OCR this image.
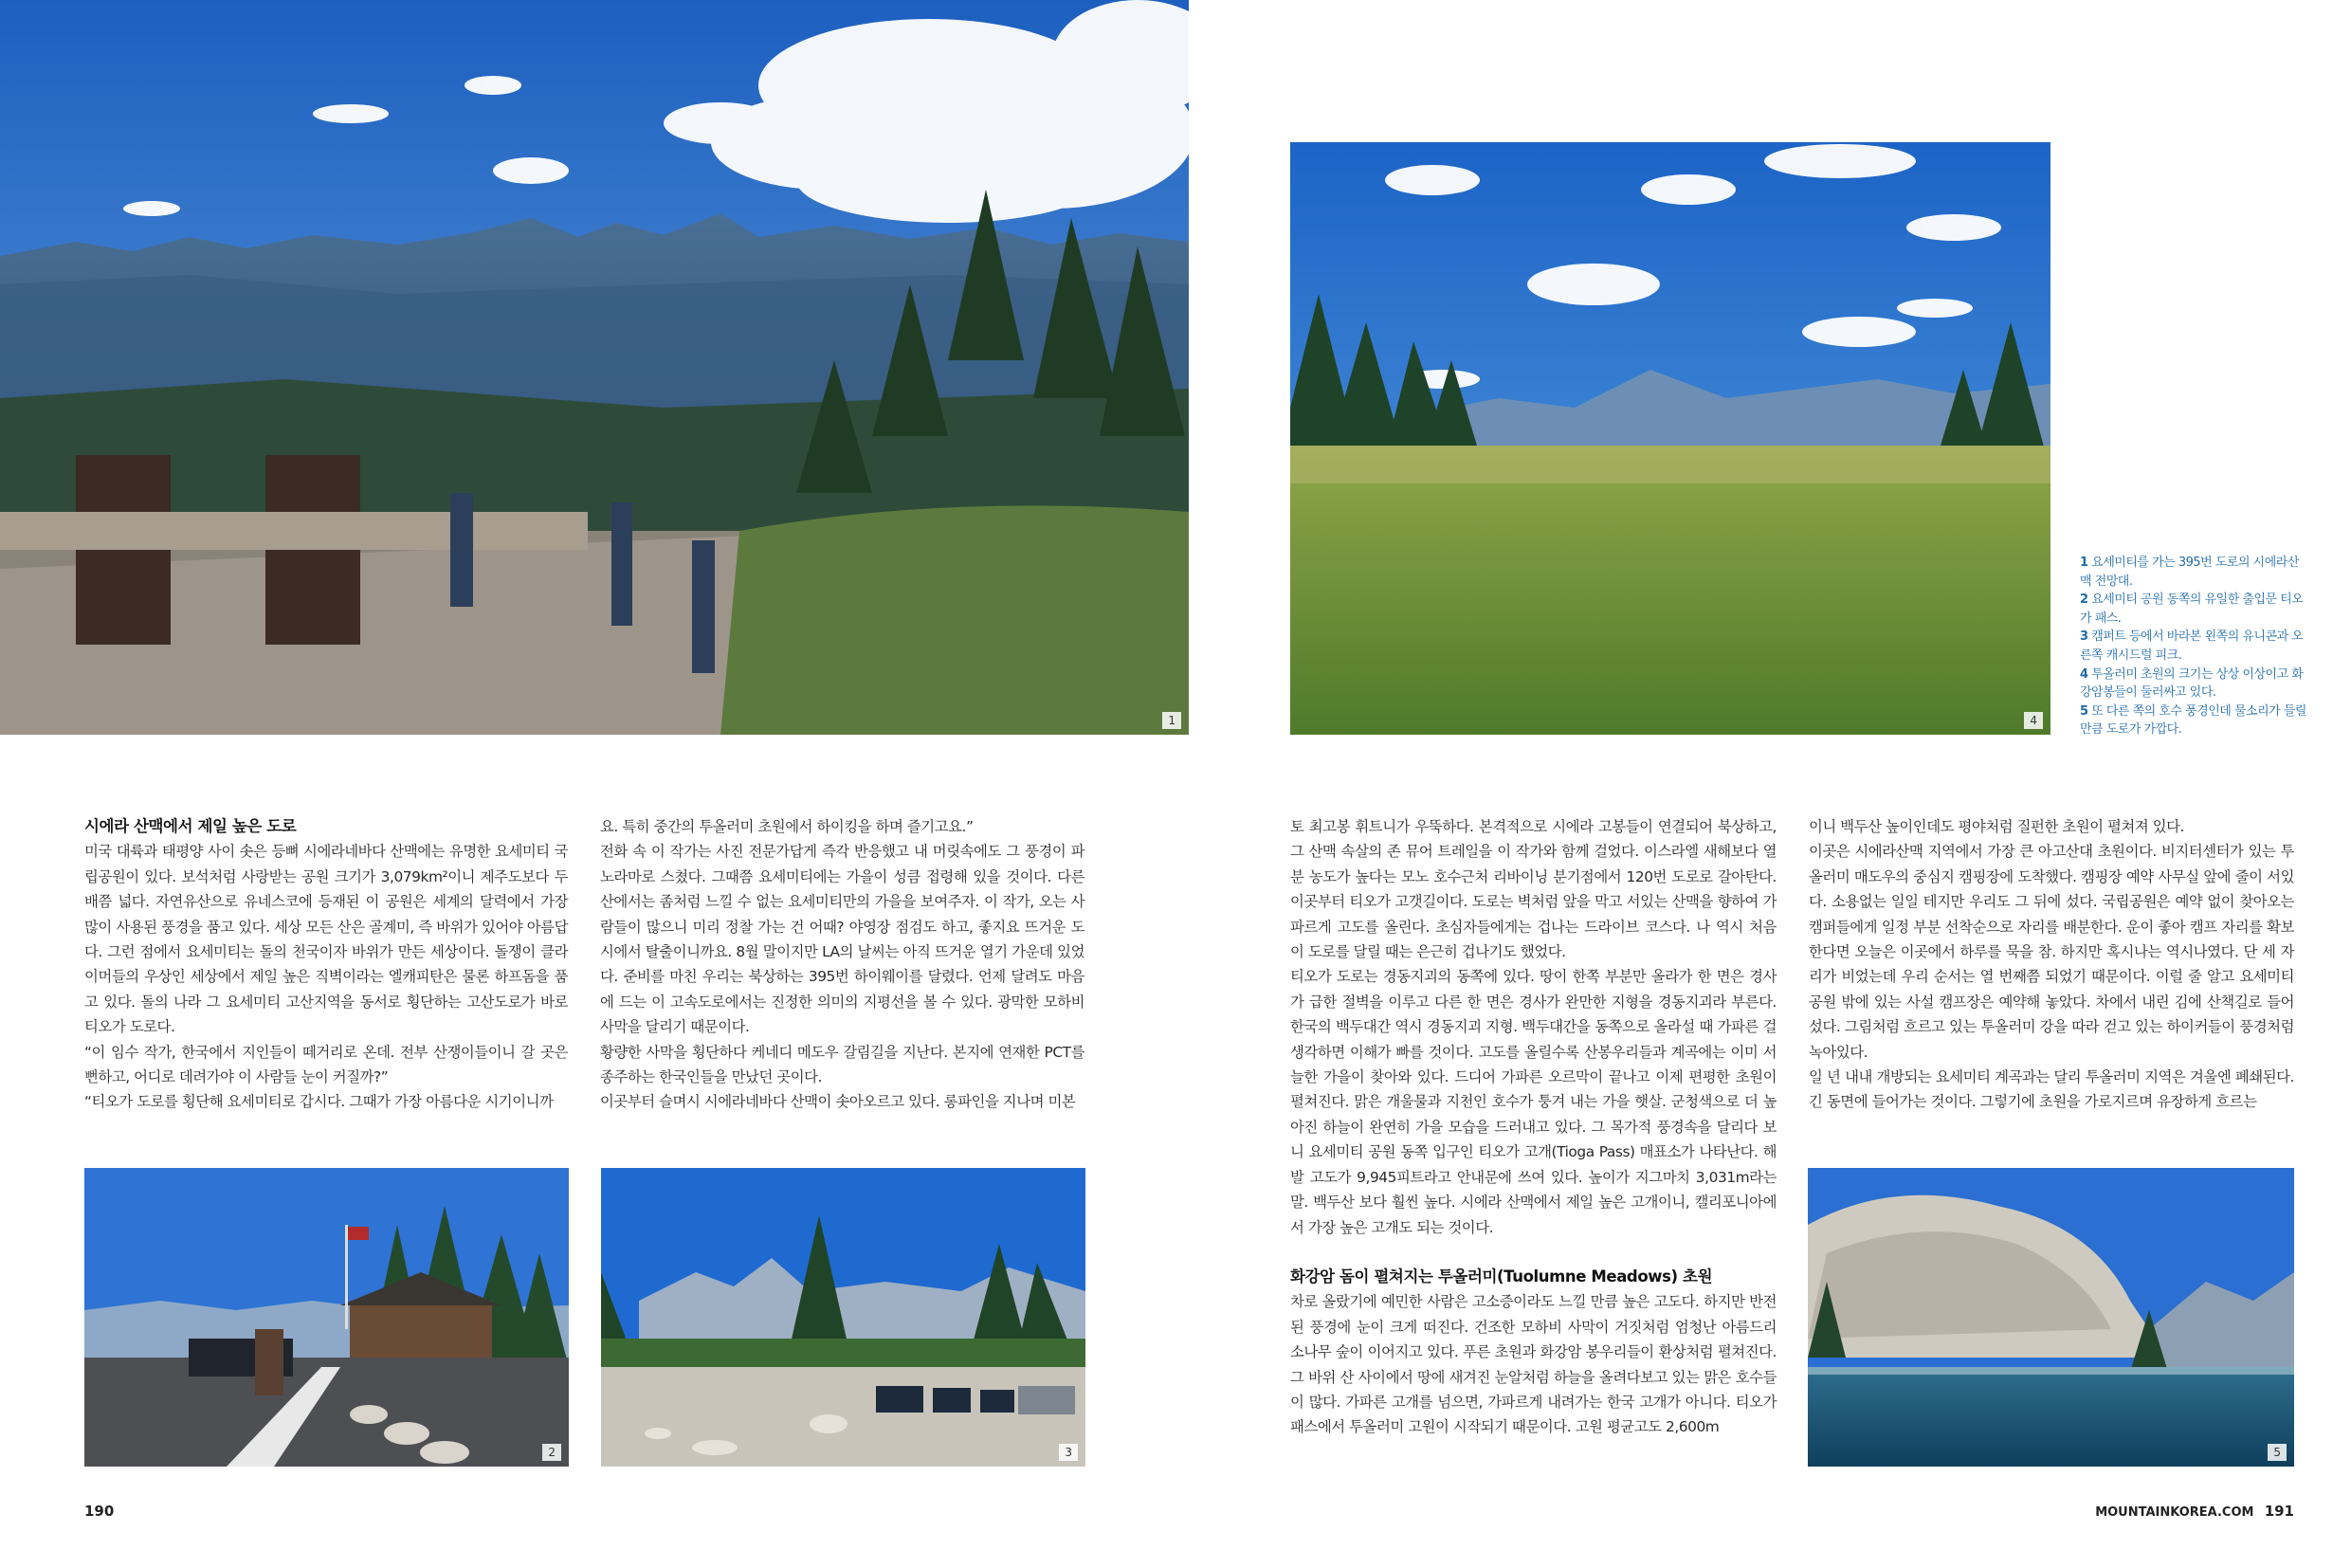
1	4

1 요세미티를 가는 395번 도로의 시에라산맥 전망대.

2 요세미티 공원 동쪽의 유일한 출입문 티오가 패스.

3 캠퍼트 등에서 바라본 왼쪽의 유니콘과 오른쪽 캐시드럴 피크.

4 투올러미 초원의 크기는 상상 이상이고 화강암봉들이 둘러싸고 있다.

5 또 다른 쪽의 호수 풍경인데 물소리가 들릴 만큼 도로가 가깝다.

시에라 산맥에서 제일 높은 도로

미국 대륙과 태평양 사이 솟은 등뼈 시에라네바다 산맥에는 유명한 요세미티 국립공원이 있다. 보석처럼 사랑받는 공원 크기가 3,079km²이니 제주도보다 두 배쯤 넓다. 자연유산으로 유네스코에 등재된 이 공원은 세계의 달력에서 가장 많이 사용된 풍경을 품고 있다. 세상 모든 산은 골계미, 즉 바위가 있어야 아름답다. 그런 점에서 요세미티는 돌의 천국이자 바위가 만든 세상이다. 돌쟁이 클라이머들의 우상인 세상에서 제일 높은 직벽이라는 엘캐피탄은 물론 하프돔을 품고 있다. 돌의 나라 그 요세미티 고산지역을 동서로 횡단하는 고산도로가 바로 티오가 도로다.

“이 임수 작가, 한국에서 지인들이 떼거리로 온데. 전부 산쟁이들이니 갈 곳은 뻔하고, 어디로 데려가야 이 사람들 눈이 커질까?”

“티오가 도로를 횡단해 요세미티로 갑시다. 그때가 가장 아름다운 시기이니까

요. 특히 중간의 투올러미 초원에서 하이킹을 하며 즐기고요.”

전화 속 이 작가는 사진 전문가답게 즉각 반응했고 내 머릿속에도 그 풍경이 파노라마로 스쳤다. 그때쯤 요세미티에는 가을이 성큼 접령해 있을 것이다. 다른 산에서는 좀처럼 느낄 수 없는 요세미티만의 가을을 보여주자. 이 작가, 오는 사람들이 많으니 미리 정찰 가는 건 어때? 야영장 점검도 하고, 좋지요 뜨거운 도시에서 탈출이니까요. 8월 말이지만 LA의 날씨는 아직 뜨거운 열기 가운데 있었다. 준비를 마친 우리는 북상하는 395번 하이웨이를 달렸다. 언제 달려도 마음에 드는 이 고속도로에서는 진정한 의미의 지평선을 볼 수 있다. 광막한 모하비 사막을 달리기 때문이다.

황량한 사막을 횡단하다 케네디 메도우 갈림길을 지난다. 본지에 연재한 PCT를 종주하는 한국인들을 만났던 곳이다.

이곳부터 슬며시 시에라네바다 산맥이 솟아오르고 있다. 롱파인을 지나며 미본

토 최고봉 휘트니가 우뚝하다. 본격적으로 시에라 고봉들이 연결되어 북상하고, 그 산맥 속살의 존 뮤어 트레일을 이 작가와 함께 걸었다. 이스라엘 새해보다 열분 농도가 높다는 모노 호수근처 리바이닝 분기점에서 120번 도로로 갈아탄다. 이곳부터 티오가 고갯길이다. 도로는 벽처럼 앞을 막고 서있는 산맥을 향하여 가파르게 고도를 올린다. 초심자들에게는 겁나는 드라이브 코스다. 나 역시 처음 이 도로를 달릴 때는 은근히 겁나기도 했었다.

티오가 도로는 경동지괴의 동쪽에 있다. 땅이 한쪽 부분만 올라가 한 면은 경사가 급한 절벽을 이루고 다른 한 면은 경사가 완만한 지형을 경동지괴라 부른다. 한국의 백두대간 역시 경동지괴 지형. 백두대간을 동쪽으로 올라설 때 가파른 걸 생각하면 이해가 빠를 것이다. 고도를 올릴수록 산봉우리들과 계곡에는 이미 서늘한 가을이 찾아와 있다. 드디어 가파른 오르막이 끝나고 이제 편평한 초원이 펼쳐진다. 맑은 개울물과 지천인 호수가 퉁겨 내는 가을 햇살. 군청색으로 더 높아진 하늘이 완연히 가을 모습을 드러내고 있다. 그 목가적 풍경속을 달리다 보니 요세미티 공원 동쪽 입구인 티오가 고개(Tioga Pass) 매표소가 나타난다. 해발 고도가 9,945피트라고 안내문에 쓰여 있다. 높이가 지그마치 3,031m라는 말. 백두산 보다 훨씬 높다. 시에라 산맥에서 제일 높은 고개이니, 캘리포니아에서 가장 높은 고개도 되는 것이다.

화강암 돔이 펼쳐지는 투올러미(Tuolumne Meadows) 초원

차로 올랐기에 예민한 사람은 고소증이라도 느낄 만큼 높은 고도다. 하지만 반전된 풍경에 눈이 크게 떠진다. 건조한 모하비 사막이 거짓처럼 엄청난 아름드리 소나무 숲이 이어지고 있다. 푸른 초원과 화강암 봉우리들이 환상처럼 펼쳐진다. 그 바위 산 사이에서 땅에 새겨진 눈알처럼 하늘을 올려다보고 있는 맑은 호수들이 많다. 가파른 고개를 넘으면, 가파르게 내려가는 한국 고개가 아니다. 티오가 패스에서 투올러미 고원이 시작되기 때문이다. 고원 평균고도 2,600m

이니 백두산 높이인데도 평야처럼 질펀한 초원이 펼쳐져 있다.

이곳은 시에라산맥 지역에서 가장 큰 아고산대 초원이다. 비지터센터가 있는 투올러미 매도우의 중심지 캠핑장에 도착했다. 캠핑장 예약 사무실 앞에 줄이 서있다. 소용없는 일일 테지만 우리도 그 뒤에 섰다. 국립공원은 예약 없이 찾아오는 캠퍼들에게 일정 부분 선착순으로 자리를 배분한다. 운이 좋아 캠프 자리를 확보한다면 오늘은 이곳에서 하루를 묵을 참. 하지만 혹시나는 역시나였다. 단 세 자리가 비었는데 우리 순서는 열 번째쯤 되었기 때문이다. 이럴 줄 알고 요세미티 공원 밖에 있는 사설 캠프장은 예약해 놓았다. 차에서 내린 김에 산책길로 들어섰다. 그림처럼 흐르고 있는 투올러미 강을 따라 걷고 있는 하이커들이 풍경처럼 녹아있다.

일 년 내내 개방되는 요세미티 계곡과는 달리 투올러미 지역은 겨울엔 폐쇄된다. 긴 동면에 들어가는 것이다. 그렇기에 초원을 가로지르며 유장하게 흐르는

2	3	5
190	MOUNTAINKOREA.COM 191
